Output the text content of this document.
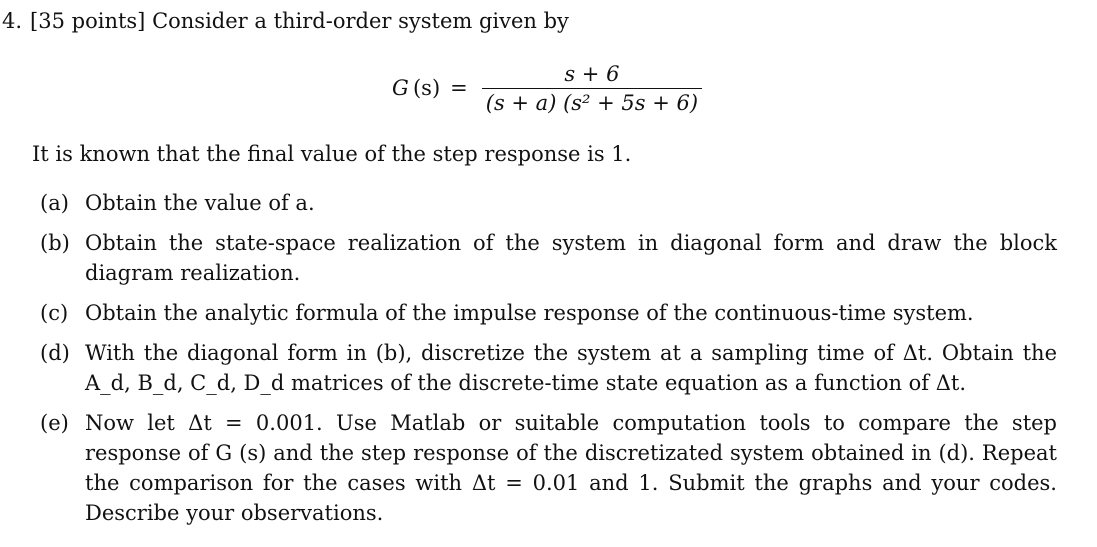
4. [35 points] Consider a third-order system given by
G  $(s) = \frac{s + 6}{\text{(s + a) (s² + 5s + 6)}}$
It is known that the final value of the step response is 1.
(a) Obtain the value of a.
(b) Obtain the state-space realization of the system in diagonal form and draw the block diagram realization.
(c) Obtain the analytic formula of the impulse response of the continuous-time system.
(d) With the diagonal form in (b), discretize the system at a sampling time of Δt. Obtain the A_d, B_d, C_d, D_d matrices of the discrete-time state equation as a function of Δt.
(e) Now let Δt = 0.001. Use Matlab or suitable computation tools to compare the step response of G (s) and the step response of the discretizated system obtained in (d). Repeat the comparison for the cases with Δt = 0.01 and 1. Submit the graphs and your codes. Describe your observations.
